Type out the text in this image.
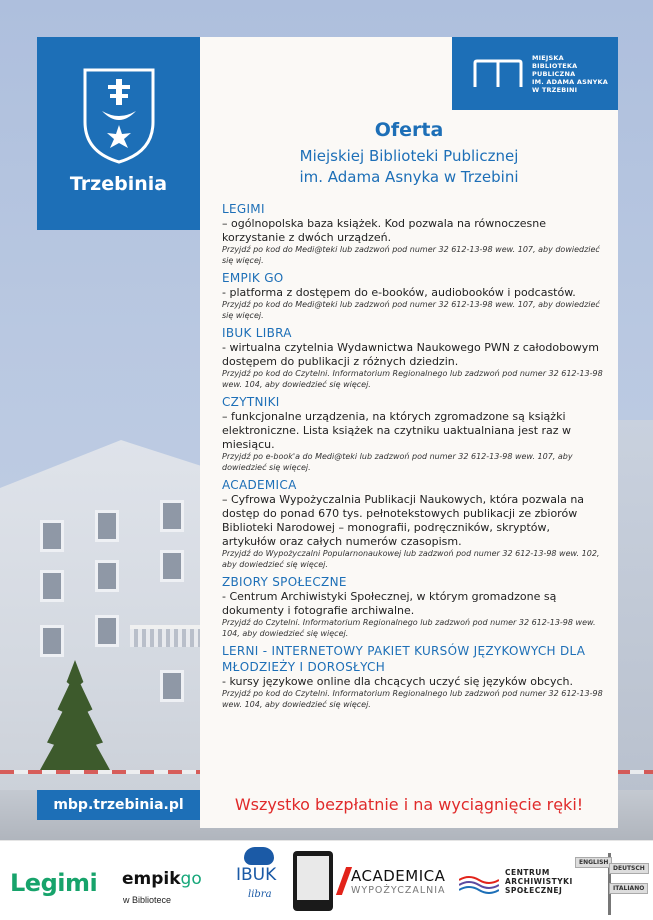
Trzebinia
mbp.trzebinia.pl
MIEJSKA
BIBLIOTEKA
PUBLICZNA
IM. ADAMA ASNYKA
W TRZEBINI
Oferta
Miejskiej Biblioteki Publicznej
im. Adama Asnyka w Trzebini
LEGIMI
– ogólnopolska baza książek. Kod pozwala na równoczesne korzystanie z dwóch urządzeń.
Przyjdź po kod do Medi@teki lub zadzwoń pod numer 32 612-13-98 wew. 107, aby dowiedzieć się więcej.
EMPIK GO
- platforma z dostępem do e-booków, audiobooków i podcastów.
Przyjdź po kod do Medi@teki lub zadzwoń pod numer 32 612-13-98 wew. 107, aby dowiedzieć się więcej.
IBUK LIBRA
- wirtualna czytelnia Wydawnictwa Naukowego PWN z całodobowym dostępem do publikacji z różnych dziedzin.
Przyjdź po kod do Czytelni. Informatorium Regionalnego lub zadzwoń pod numer 32 612-13-98 wew. 104, aby dowiedzieć się więcej.
CZYTNIKI
– funkcjonalne urządzenia, na których zgromadzone są książki elektroniczne. Lista książek na czytniku uaktualniana jest raz w miesiącu.
Przyjdź po e-book'a do Medi@teki lub zadzwoń pod numer 32 612-13-98 wew. 107, aby dowiedzieć się więcej.
ACADEMICA
– Cyfrowa Wypożyczalnia Publikacji Naukowych, która pozwala na dostęp do ponad 670 tys. pełnotekstowych publikacji ze zbiorów Biblioteki Narodowej – monografii, podręczników, skryptów, artykułów oraz całych numerów czasopism.
Przyjdź do Wypożyczalni Popularnonaukowej lub zadzwoń pod numer 32 612-13-98 wew. 102, aby dowiedzieć się więcej.
ZBIORY SPOŁECZNE
- Centrum Archiwistyki Społecznej, w którym gromadzone są dokumenty i fotografie archiwalne.
Przyjdź do Czytelni. Informatorium Regionalnego lub zadzwoń pod numer 32 612-13-98 wew. 104, aby dowiedzieć się więcej.
LERNI - INTERNETOWY PAKIET KURSÓW JĘZYKOWYCH DLA MŁODZIEŻY I DOROSŁYCH
- kursy językowe online dla chcących uczyć się języków obcych.
Przyjdź po kod do Czytelni. Informatorium Regionalnego lub zadzwoń pod numer 32 612-13-98 wew. 104, aby dowiedzieć się więcej.
Wszystko bezpłatnie i na wyciągnięcie ręki!
Legimi empikgo
w Bibliotece
IBUK
libra
ACADEMICA
WYPOŻYCZALNIA
CENTRUM
ARCHIWISTYKI
SPOŁECZNEJ
ENGLISH
DEUTSCH
ITALIANO
